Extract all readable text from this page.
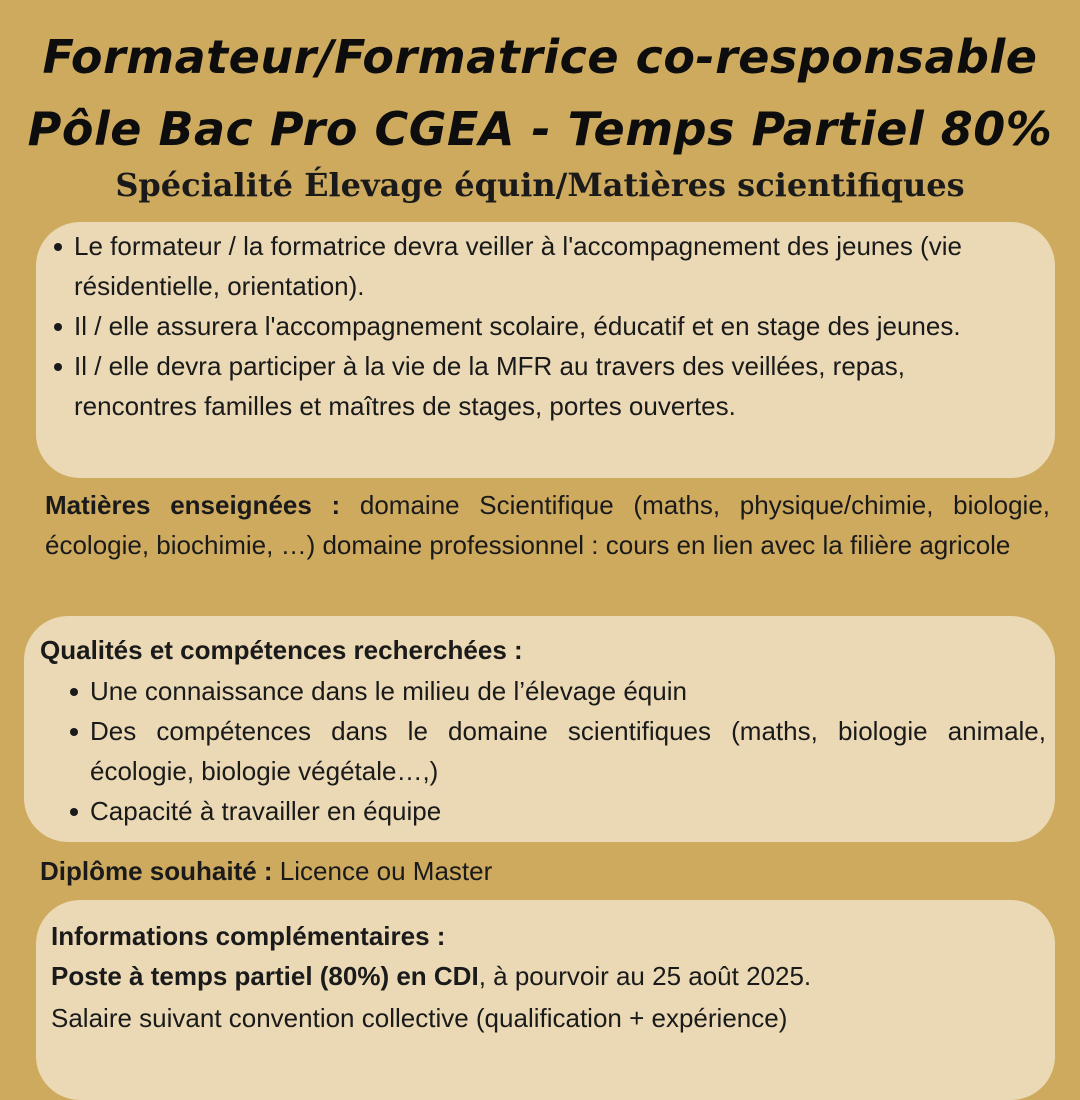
Formateur/Formatrice co-responsable
Pôle Bac Pro CGEA - Temps Partiel 80%
Spécialité Élevage équin/Matières scientifiques
Le formateur / la formatrice devra veiller à l'accompagnement des jeunes (vie résidentielle, orientation).
Il / elle assurera l'accompagnement scolaire, éducatif et en stage des jeunes.
Il / elle devra participer à la vie de la MFR au travers des veillées, repas, rencontres familles et maîtres de stages, portes ouvertes.

Matières enseignées : domaine Scientifique (maths, physique/chimie, biologie, écologie, biochimie, …) domaine professionnel : cours en lien avec la filière agricole

Qualités et compétences recherchées :

Une connaissance dans le milieu de l’élevage équin
Des compétences dans le domaine scientifiques (maths, biologie animale, écologie, biologie végétale…,)
Capacité à travailler en équipe

Diplôme souhaité : Licence ou Master

Informations complémentaires :

Poste à temps partiel (80%) en CDI, à pourvoir au 25 août 2025.

Salaire suivant convention collective (qualification + expérience)
